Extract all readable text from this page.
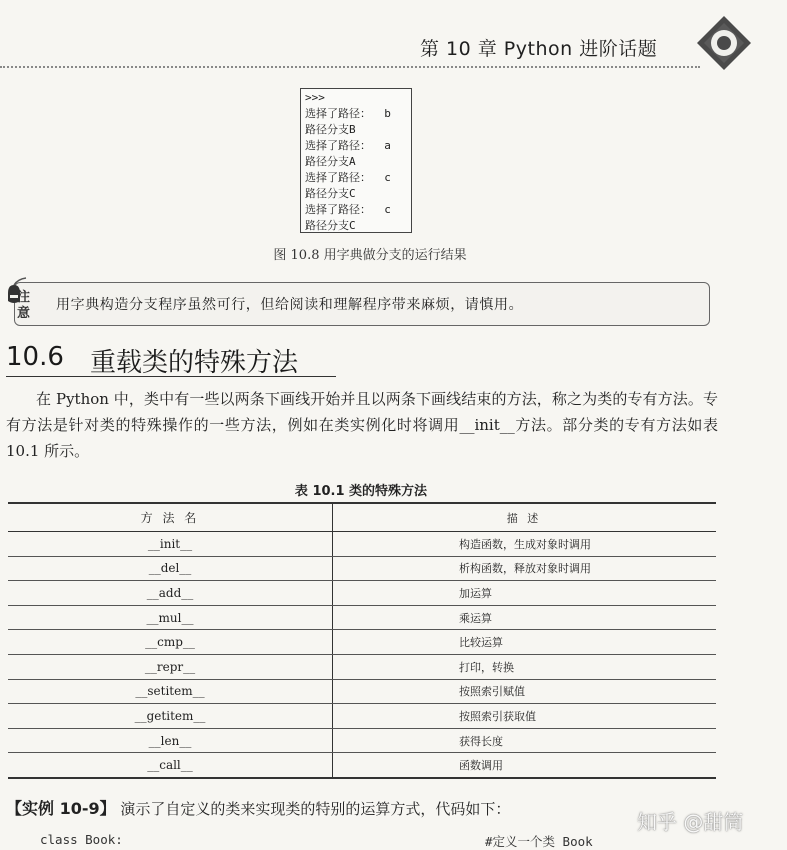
第 10 章 Python 进阶话题
>>>
选择了路径：  b
路径分支B
选择了路径：  a
路径分支A
选择了路径：  c
路径分支C
选择了路径：  c
路径分支C
图 10.8 用字典做分支的运行结果
注意
用字典构造分支程序虽然可行，但给阅读和理解程序带来麻烦，请慎用。
10.6 重载类的特殊方法

在 Python 中，类中有一些以两条下画线开始并且以两条下画线结束的方法，称之为类的专有方法。专有方法是针对类的特殊操作的一些方法，例如在类实例化时将调用__init__方法。部分类的专有方法如表 10.1 所示。

表 10.1 类的特殊方法
方 法 名	描 述
__init__	构造函数，生成对象时调用
__del__	析构函数，释放对象时调用
__add__	加运算
__mul__	乘运算
__cmp__	比较运算
__repr__	打印，转换
__setitem__	按照索引赋值
__getitem__	按照索引获取值
__len__	获得长度
__call__	函数调用
【实例 10-9】 演示了自定义的类来实现类的特别的运算方式，代码如下：
class Book:	#定义一个类 Book
知乎 @甜筒
